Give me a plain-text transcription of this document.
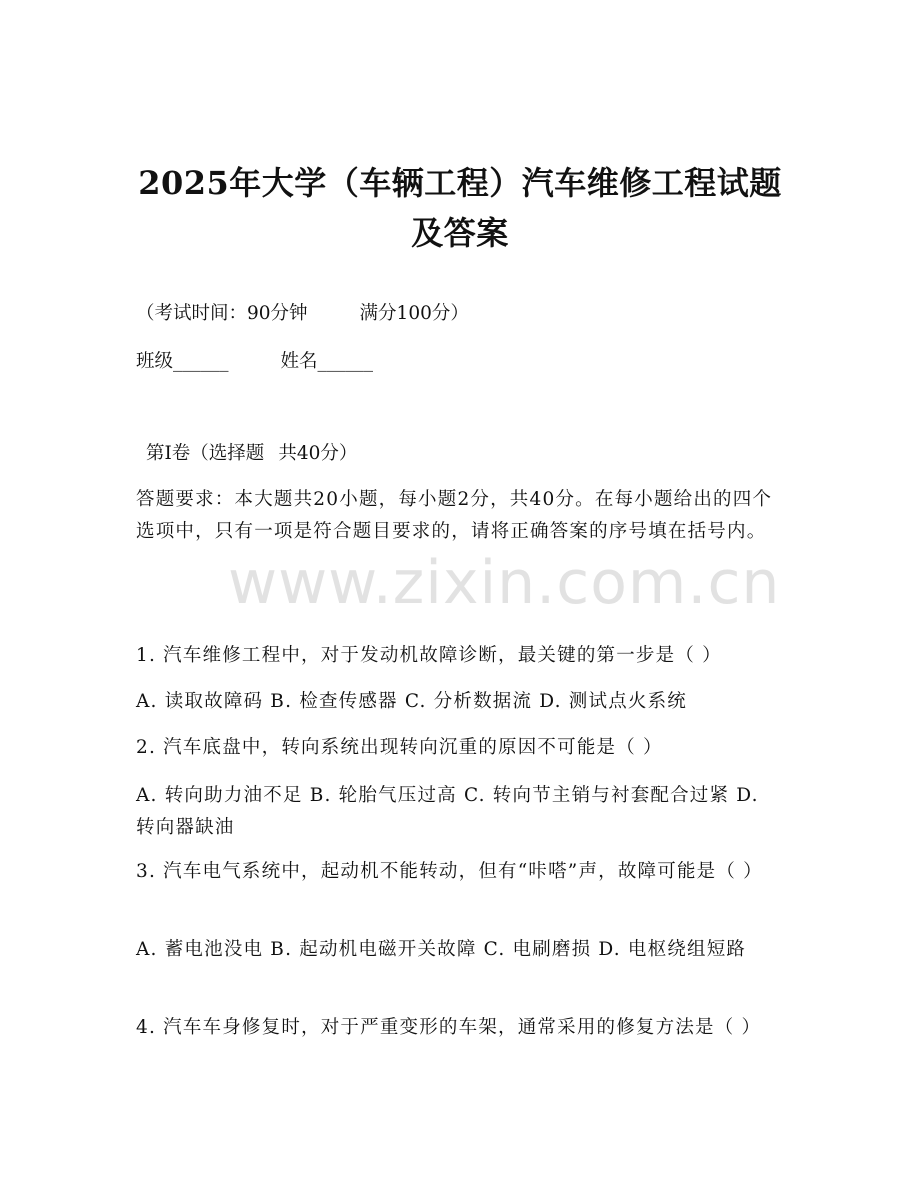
2025年大学（车辆工程）汽车维修工程试题
及答案

（考试时间：90分钟	满分100分）

班级______	姓名______

第Ⅰ卷（选择题 共40分）

答题要求：本大题共20小题，每小题2分，共40分。在每小题给出的四个选项中，只有一项是符合题目要求的，请将正确答案的序号填在括号内。

www.zixin.com.cn

1. 汽车维修工程中，对于发动机故障诊断，最关键的第一步是（ ）

A. 读取故障码 B. 检查传感器 C. 分析数据流 D. 测试点火系统

2. 汽车底盘中，转向系统出现转向沉重的原因不可能是（ ）

A. 转向助力油不足 B. 轮胎气压过高 C. 转向节主销与衬套配合过紧 D. 转向器缺油

3. 汽车电气系统中，起动机不能转动，但有“咔嗒”声，故障可能是（ ）

A. 蓄电池没电 B. 起动机电磁开关故障 C. 电刷磨损 D. 电枢绕组短路

4. 汽车车身修复时，对于严重变形的车架，通常采用的修复方法是（ ）
